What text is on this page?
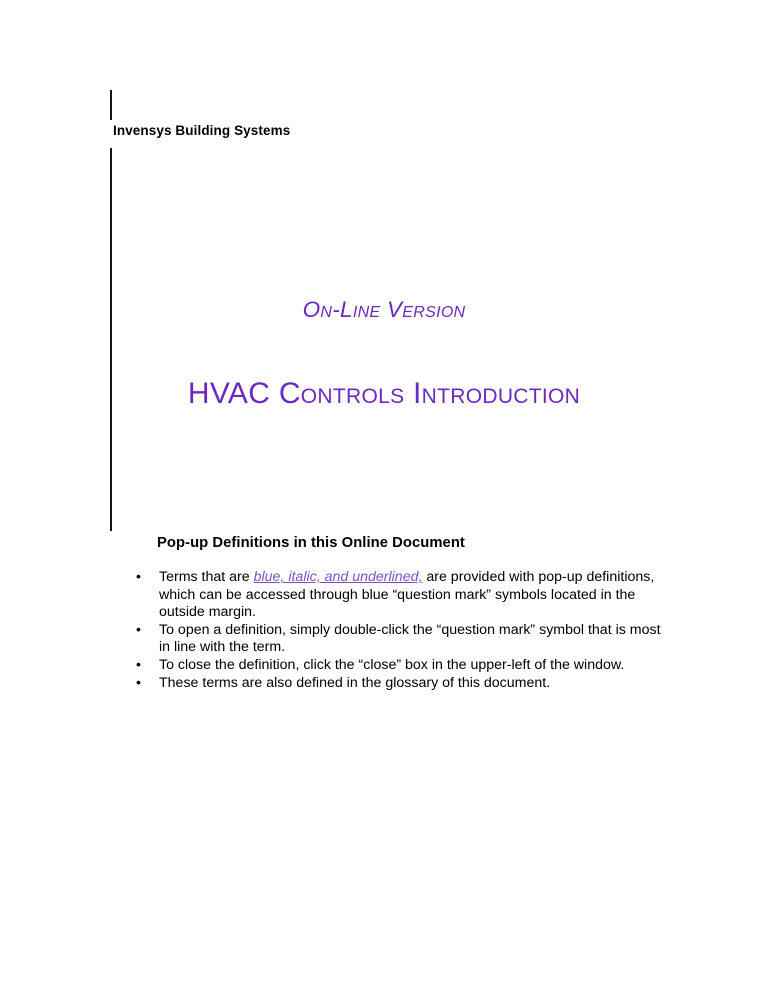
Invensys Building Systems
On-Line Version
HVAC Controls Introduction
Pop-up Definitions in this Online Document
• Terms that are blue, italic, and underlined, are provided with pop-up definitions, which can be accessed through blue “question mark” symbols located in the outside margin.
• To open a definition, simply double-click the “question mark” symbol that is most in line with the term.
• To close the definition, click the “close” box in the upper-left of the window.
• These terms are also defined in the glossary of this document.
